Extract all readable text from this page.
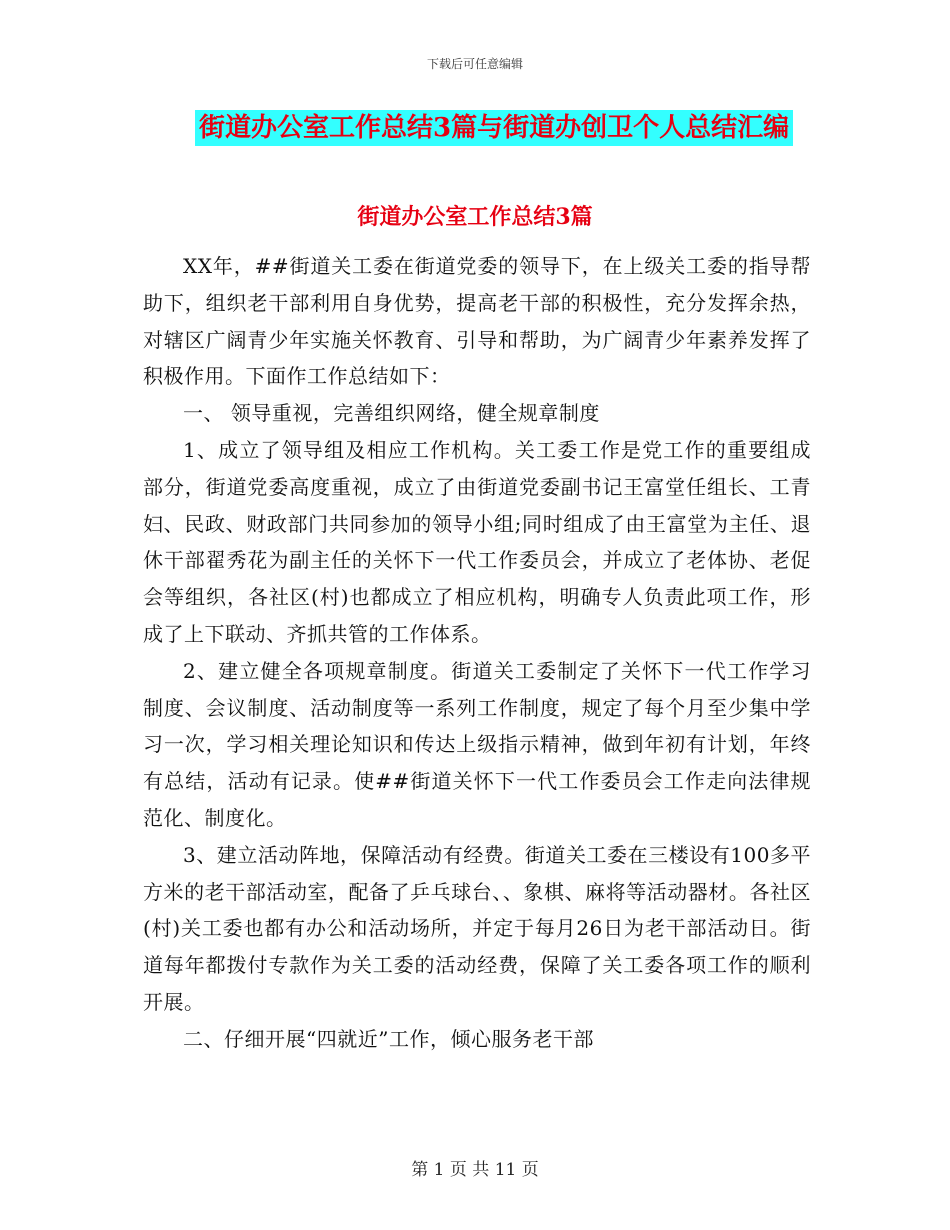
下载后可任意编辑
街道办公室工作总结3篇与街道办创卫个人总结汇编
街道办公室工作总结3篇

XX年，##街道关工委在街道党委的领导下，在上级关工委的指导帮助下，组织老干部利用自身优势，提高老干部的积极性，充分发挥余热，对辖区广阔青少年实施关怀教育、引导和帮助，为广阔青少年素养发挥了积极作用。下面作工作总结如下：

一、 领导重视，完善组织网络，健全规章制度

1、成立了领导组及相应工作机构。关工委工作是党工作的重要组成部分，街道党委高度重视，成立了由街道党委副书记王富堂任组长、工青妇、民政、财政部门共同参加的领导小组;同时组成了由王富堂为主任、退休干部翟秀花为副主任的关怀下一代工作委员会，并成立了老体协、老促会等组织，各社区(村)也都成立了相应机构，明确专人负责此项工作，形成了上下联动、齐抓共管的工作体系。

2、建立健全各项规章制度。街道关工委制定了关怀下一代工作学习制度、会议制度、活动制度等一系列工作制度，规定了每个月至少集中学习一次，学习相关理论知识和传达上级指示精神，做到年初有计划，年终有总结，活动有记录。使##街道关怀下一代工作委员会工作走向法律规范化、制度化。

3、建立活动阵地，保障活动有经费。街道关工委在三楼设有100多平方米的老干部活动室，配备了乒乓球台、、象棋、麻将等活动器材。各社区(村)关工委也都有办公和活动场所，并定于每月26日为老干部活动日。街道每年都拨付专款作为关工委的活动经费，保障了关工委各项工作的顺利开展。

二、仔细开展“四就近”工作，倾心服务老干部

第 1 页 共 11 页
